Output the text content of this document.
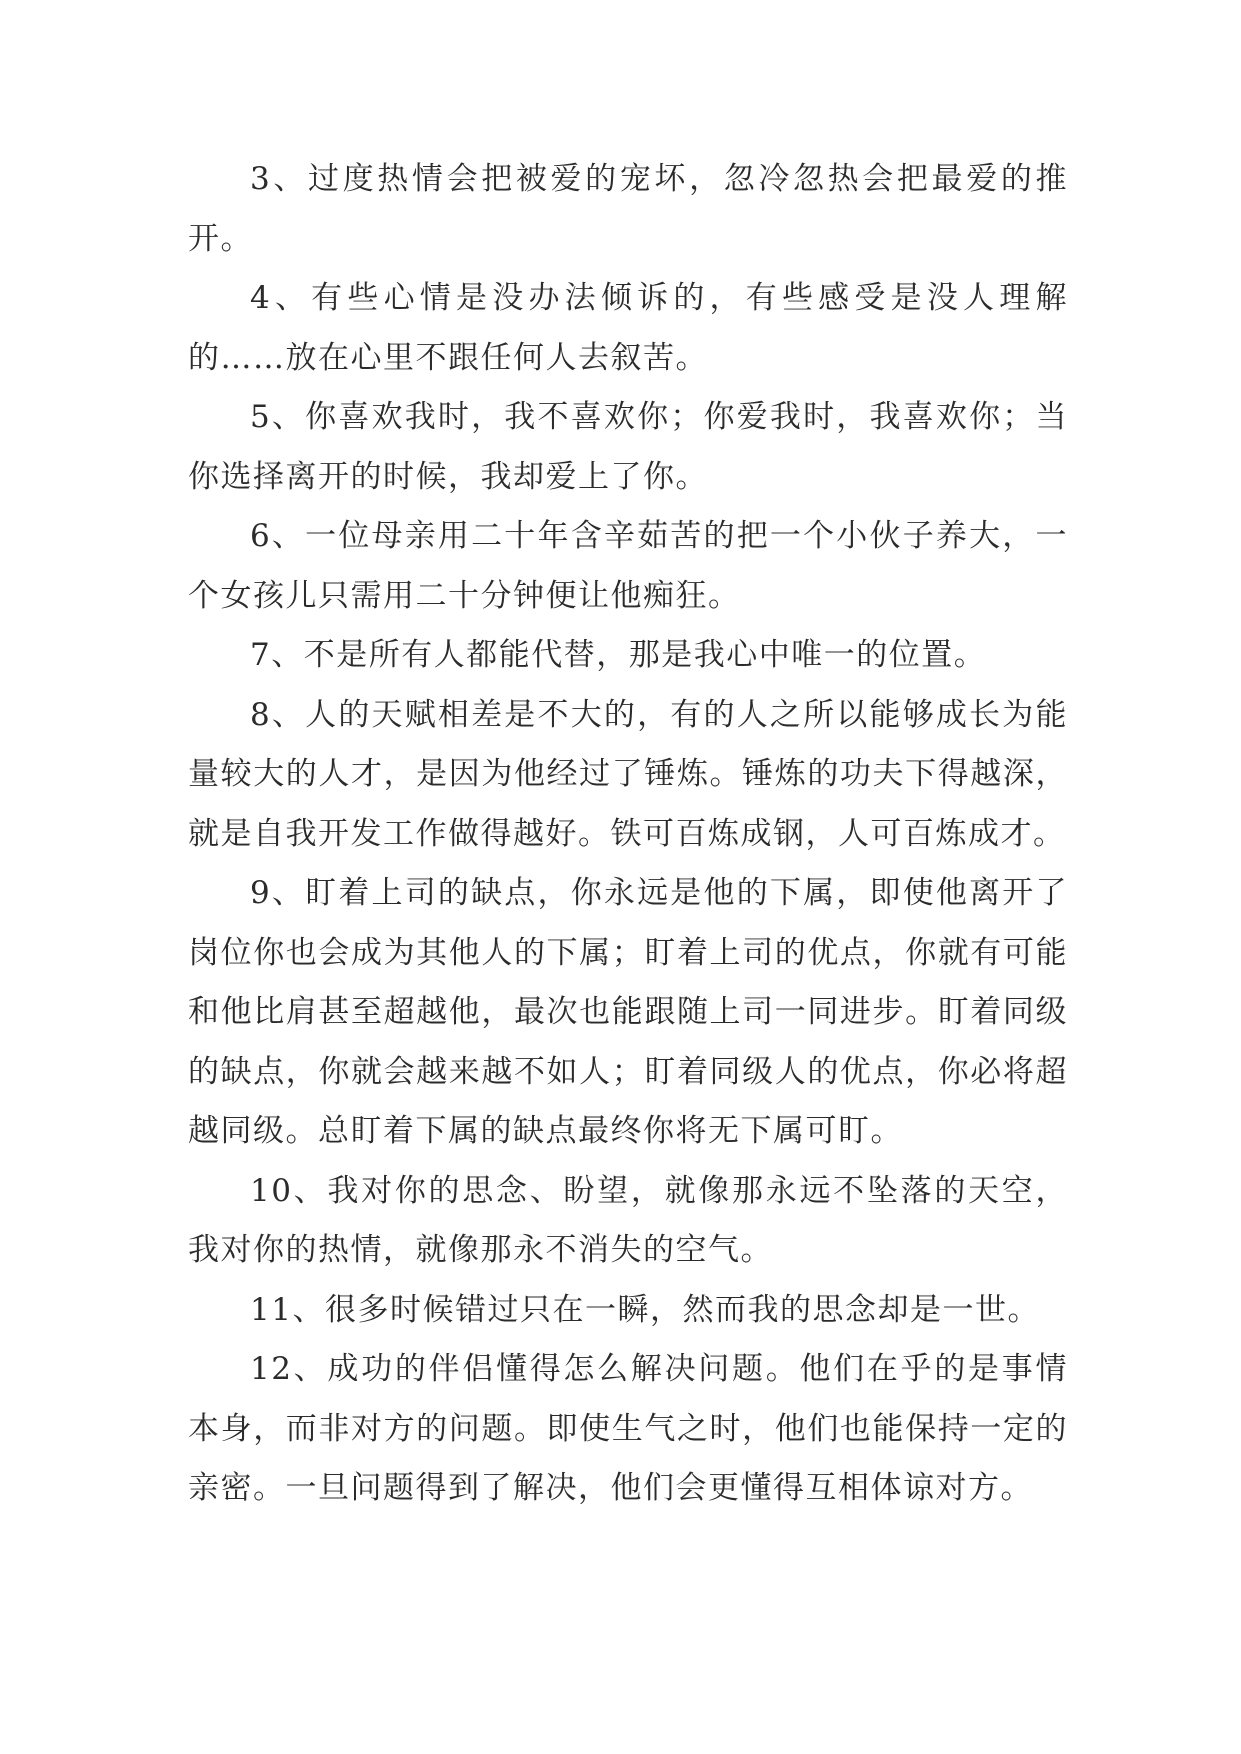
3、过度热情会把被爱的宠坏，忽冷忽热会把最爱的推开。

4、有些心情是没办法倾诉的，有些感受是没人理解的……放在心里不跟任何人去叙苦。

5、你喜欢我时，我不喜欢你；你爱我时，我喜欢你；当你选择离开的时候，我却爱上了你。

6、一位母亲用二十年含辛茹苦的把一个小伙子养大，一个女孩儿只需用二十分钟便让他痴狂。

7、不是所有人都能代替，那是我心中唯一的位置。

8、人的天赋相差是不大的，有的人之所以能够成长为能量较大的人才，是因为他经过了锤炼。锤炼的功夫下得越深，就是自我开发工作做得越好。铁可百炼成钢，人可百炼成才。

9、盯着上司的缺点，你永远是他的下属，即使他离开了岗位你也会成为其他人的下属；盯着上司的优点，你就有可能和他比肩甚至超越他，最次也能跟随上司一同进步。盯着同级的缺点，你就会越来越不如人；盯着同级人的优点，你必将超越同级。总盯着下属的缺点最终你将无下属可盯。

10、我对你的思念、盼望，就像那永远不坠落的天空，我对你的热情，就像那永不消失的空气。

11、很多时候错过只在一瞬，然而我的思念却是一世。

12、成功的伴侣懂得怎么解决问题。他们在乎的是事情本身，而非对方的问题。即使生气之时，他们也能保持一定的亲密。一旦问题得到了解决，他们会更懂得互相体谅对方。
